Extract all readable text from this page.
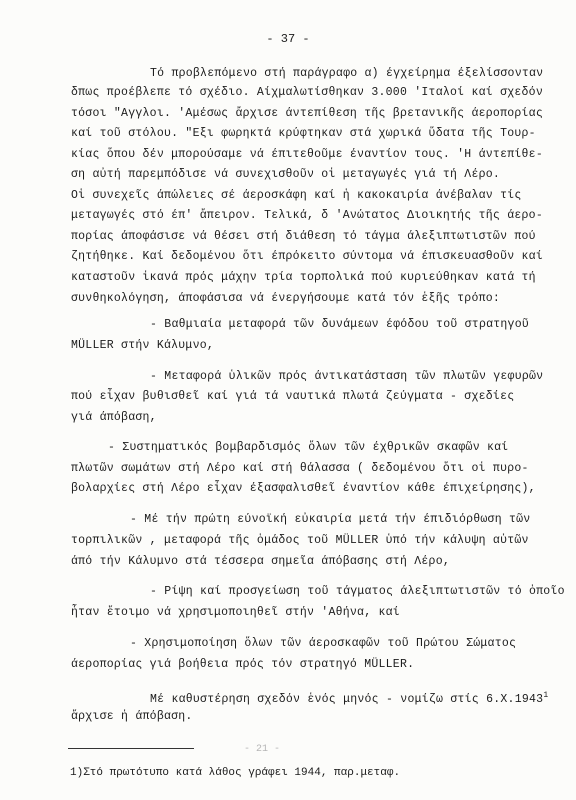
- 37 -
Τό προβλεπόμενο στή παράγραφο α) έγχείρημα έξελίσσονταν
δπως προέβλεπε τό σχέδιο. Αίχμαλωτίσθηκαν 3.000 'Ιταλοί καί σχεδόν
τόσοι "Αγγλοι. 'Αμέσως ἄρχισε άντεπίθεση τῆς βρετανικῆς άεροπορίας
καί τοῦ στόλου. "Εξι φωρηκτά κρύφτηκαν στά χωρικά ὕδατα τῆς Τουρ-
κίας ὅπου δέν μπορούσαμε νά έπιτεθοῦμε έναντίον τους. 'Η άντεπίθε-
ση αὐτή παρεμπόδισε νά συνεχισθοῦν οἱ μεταγωγές γιά τή Λέρο.
Οἱ συνεχεῖς άπώλειες σέ άεροσκάφη καί ἡ κακοκαιρία άνέβαλαν τίς
μεταγωγές στό έπ' ἄπειρον. Τελικά, δ 'Ανώτατος Διοικητής τῆς άερο-
πορίας άποφάσισε νά θέσει στή διάθεση τό τάγμα άλεξιπτωτιστῶν πού
ζητήθηκε. Καί δεδομένου ὅτι έπρόκειτο σύντομα νά έπισκευασθοῦν καί
καταστοῦν ἱκανά πρός μάχην τρία τορπολικά πού κυριεύθηκαν κατά τή
συνθηκολόγηση, άποφάσισα νά ένεργήσουμε κατά τόν ἑξῆς τρόπο:
- Βαθμιαία μεταφορά τῶν δυνάμεων έφόδου τοῦ στρατηγοῦ
MÜLLER στήν Κάλυμνο,
- Μεταφορά ὑλικῶν πρός άντικατάσταση τῶν πλωτῶν γεφυρῶν
πού εἶχαν βυθισθεῖ καί γιά τά ναυτικά πλωτά ζεύγματα - σχεδίες
γιά άπόβαση,
- Συστηματικός βομβαρδισμός ὅλων τῶν έχθρικῶν σκαφῶν καί
πλωτῶν σωμάτων στή Λέρο καί στή θάλασσα ( δεδομένου ὅτι οἱ πυρο-
βολαρχίες στή Λέρο εἶχαν έξασφαλισθεῖ έναντίον κάθε έπιχείρησης),
- Μέ τήν πρώτη εύνοϊκή εὐκαιρία μετά τήν έπιδιόρθωση τῶν
τορπιλικῶν , μεταφορά τῆς ὁμάδος τοῦ MÜLLER ὑπό τήν κάλυψη αὐτῶν
άπό τήν Κάλυμνο στά τέσσερα σημεῖα άπόβασης στή Λέρο,
- Ρίψη καί προσγείωση τοῦ τάγματος άλεξιπτωτιστῶν τό ὁποῖο
ἦταν ἕτοιμο νά χρησιμοποιηθεῖ στήν 'Αθήνα, καί
- Χρησιμοποίηση ὅλων τῶν άεροσκαφῶν τοῦ Πρώτου Σώματος
άεροπορίας γιά βοήθεια πρός τόν στρατηγό MÜLLER.
Μέ καθυστέρηση σχεδόν ἑνός μηνός - νομίζω στίς 6.Χ.1943$^1$
ἄρχισε ἡ άπόβαση.
- 21 -
1)Στό πρωτότυπο κατά λάθος γράφει 1944, παρ.μεταφ.
